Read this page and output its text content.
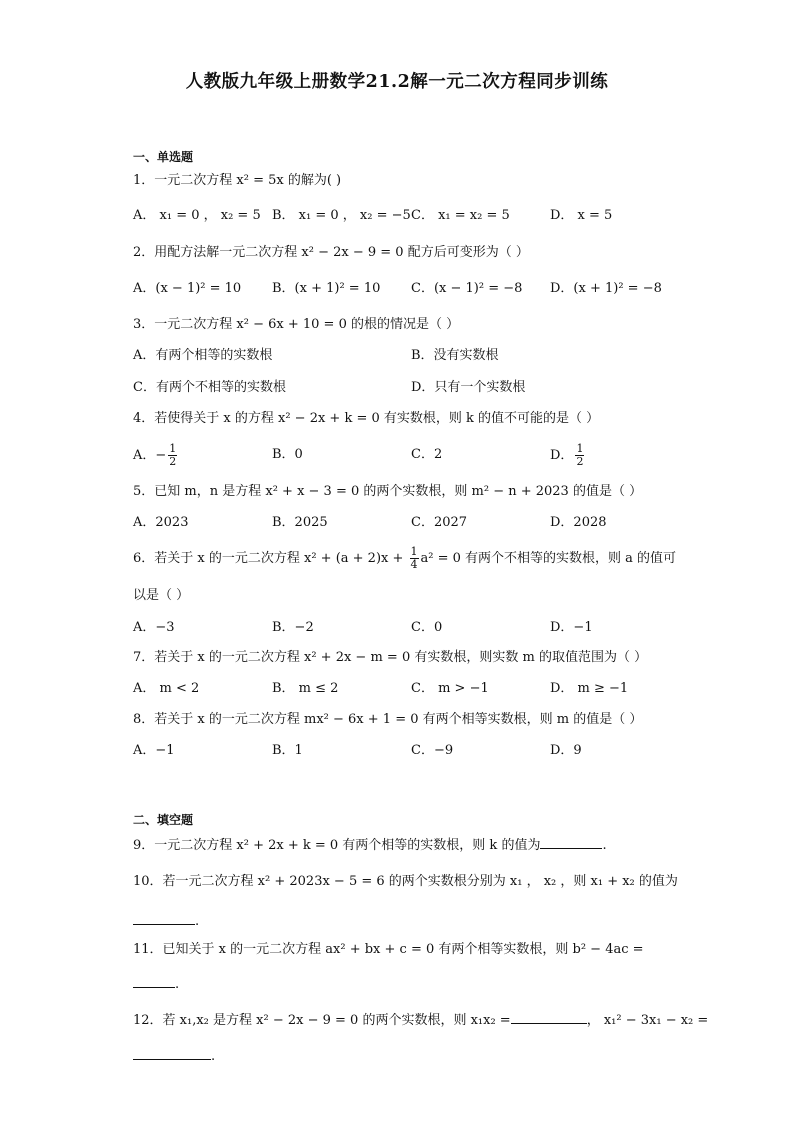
人教版九年级上册数学21.2解一元二次方程同步训练
一、单选题
1．一元二次方程 x² = 5x 的解为( )
A． x₁ = 0 ， x₂ = 5 B． x₁ = 0 ， x₂ = −5 C． x₁ = x₂ = 5	D． x = 5
2．用配方法解一元二次方程 x² − 2x − 9 = 0 配方后可变形为（ ）
A．(x − 1)² = 10 B．(x + 1)² = 10 C．(x − 1)² = −8 D．(x + 1)² = −8
3．一元二次方程 x² − 6x + 10 = 0 的根的情况是（ ）
A．有两个相等的实数根	B．没有实数根
C．有两个不相等的实数根	D．只有一个实数根
4．若使得关于 x 的方程 x² − 2x + k = 0 有实数根，则 k 的值不可能的是（ ）
A．− $\frac{1}{2}$	B．0	C．2	D． $\frac{1}{2}$
5．已知 m，n 是方程 x² + x − 3 = 0 的两个实数根，则 m² − n + 2023 的值是（ ）
A．2023	B．2025	C．2027	D．2028
6．若关于 x 的一元二次方程 $x^2 + (a + 2)x + \frac{1}{4} a^2 = 0$ 有两个不相等的实数根，则 a 的值可
以是（ ）
A．−3	B．−2	C．0	D．−1
7．若关于 x 的一元二次方程 x² + 2x − m = 0 有实数根，则实数 m 的取值范围为（ ）
A． m < 2	B． m ≤ 2	C． m > −1	D． m ≥ −1
8．若关于 x 的一元二次方程 mx² − 6x + 1 = 0 有两个相等实数根，则 m 的值是（ ）
A．−1	B．1	C．−9	D．9
二、填空题
9．一元二次方程 x² + 2x + k = 0 有两个相等的实数根，则 k 的值为	.
10．若一元二次方程 x² + 2023x − 5 = 6 的两个实数根分别为 x₁ ， x₂ ，则 x₁ + x₂ 的值为
.
11．已知关于 x 的一元二次方程 ax² + bx + c = 0 有两个相等实数根，则 b² − 4ac =
.
12．若 x₁,x₂ 是方程 x² − 2x − 9 = 0 的两个实数根，则 x₁x₂ =	， x₁² − 3x₁ − x₂ =
.
